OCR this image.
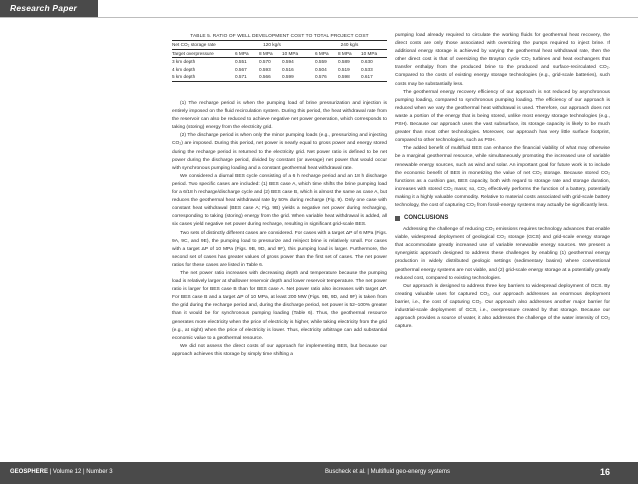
Research Paper
TABLE 5. RATIO OF WELL DEVELOPMENT COST TO TOTAL PROJECT COST
Net CO₂ storage rate	120 kg/s	240 kg/s
Target overpressure	6 MPa 8 MPa 10 MPa	6 MPa 8 MPa 10 MPa
3 km depth	0.551	0.570 0.594	0.559 0.589 0.630
4 km depth	0.567	0.593 0.516	0.504 0.519 0.533
5 km depth	0.571	0.566 0.599	0.576 0.598 0.617

(1) The recharge period is when the pumping load of brine pressurization and injection is entirely imposed on the fluid recirculation system. During this period, the heat withdrawal rate from the reservoir can also be reduced to achieve negative net power generation, which corresponds to taking (storing) energy from the electricity grid.

(2) The discharge period is when only the minor pumping loads (e.g., pressurizing and injecting CO₂) are imposed. During this period, net power is nearly equal to gross power and energy stored during the recharge period is returned to the electricity grid. Net power ratio is defined to be net power during the discharge period, divided by constant (or average) net power that would occur with synchronous pumping loading and a constant geothermal heat withdrawal rate.

We considered a diurnal BES cycle consisting of a 6 h recharge period and an 18 h discharge period. Two specific cases are included: (1) BES case A, which time shifts the brine pumping load for a 6/18 h recharge/discharge cycle and (2) BES case B, which is almost the same as case A, but reduces the geothermal heat withdrawal rate by 50% during recharge (Fig. 9). Only one case with constant heat withdrawal (BES case A; Fig. 9B) yields a negative net power during recharging, corresponding to taking (storing) energy from the grid. When variable heat withdrawal is added, all six cases yield negative net power during recharge, resulting in significant grid-scale BES.

Two sets of distinctly different cases are considered. For cases with a target ΔP of 6 MPa (Figs. 9A, 9C, and 9E), the pumping load to pressurize and reinject brine is relatively small. For cases with a target ΔP of 10 MPa (Figs. 9B, 9D, and 9F), this pumping load is larger. Furthermore, the second set of cases has greater values of gross power than the first set of cases. The net power ratios for these cases are listed in Table 6.

The net power ratio increases with decreasing depth and temperature because the pumping load is relatively larger at shallower reservoir depth and lower reservoir temperature. The net power ratio is larger for BES case B than for BES case A. Net power ratio also increases with target ΔP. For BES case B and a target ΔP of 10 MPa, at least 200 MW (Figs. 9B, 9D, and 9F) is taken from the grid during the recharge period and, during the discharge period, net power is 52–100% greater than it would be for synchronous pumping loading (Table 6). Thus, the geothermal resource generates more electricity when the price of electricity is higher, while taking electricity from the grid (e.g., at night) when the price of electricity is lower. Thus, electricity arbitrage can add substantial economic value to a geothermal resource.

We did not assess the direct costs of our approach for implementing BES, but because our approach achieves this storage by simply time shifting a

pumping load already required to circulate the working fluids for geothermal heat recovery, the direct costs are only those associated with oversizing the pumps required to inject brine. If additional energy storage is achieved by varying the geothermal heat withdrawal rate, then the other direct cost is that of oversizing the Brayton cycle CO₂ turbines and heat exchangers that transfer enthalpy from the produced brine to the produced and surface-recirculated CO₂. Compared to the costs of existing energy storage technologies (e.g., grid-scale batteries), such costs may be substantially less.

The geothermal energy recovery efficiency of our approach is not reduced by asynchronous pumping loading, compared to synchronous pumping loading. The efficiency of our approach is reduced when we vary the geothermal heat withdrawal is used. Therefore, our approach does not waste a portion of the energy that is being stored, unlike most energy storage technologies (e.g., PSH). Because our approach uses the vast subsurface, its storage capacity is likely to be much greater than most other technologies. Moreover, our approach has very little surface footprint, compared to other technologies, such as PSH.

The added benefit of multifluid BES can enhance the financial viability of what may otherwise be a marginal geothermal resource, while simultaneously promoting the increased use of variable renewable energy sources, such as wind and solar. An important goal for future work is to include the economic benefit of BES in monetizing the value of net CO₂ storage. Because stored CO₂ functions as a cushion gas, BES capacity, both with regard to storage rate and storage duration, increases with stored CO₂ mass; so, CO₂ effectively performs the function of a battery, potentially making it a highly valuable commodity. Relative to material costs associated with grid-scale battery technology, the cost of capturing CO₂ from fossil-energy systems may actually be significantly less.

CONCLUSIONS

Addressing the challenge of reducing CO₂ emissions requires technology advances that enable viable, widespread deployment of geological CO₂ storage (GCS) and grid-scale energy storage that accommodate greatly increased use of variable renewable energy sources. We present a synergistic approach designed to address these challenges by enabling (1) geothermal energy production in widely distributed geologic settings (sedimentary basins) where conventional geothermal energy systems are not viable, and (2) grid-scale energy storage at a potentially greatly reduced cost, compared to existing technologies.

Our approach is designed to address three key barriers to widespread deployment of GCS. By creating valuable uses for captured CO₂, our approach addresses an enormous deployment barrier, i.e., the cost of capturing CO₂. Our approach also addresses another major barrier for industrial-scale deployment of GCS, i.e., overpressure created by that storage. Because our approach provides a source of water, it also addresses the challenge of the water intensity of CO₂ capture.

GEOSPHERE | Volume 12 | Number 3	Buscheck et al. | Multifluid geo-energy systems	16
